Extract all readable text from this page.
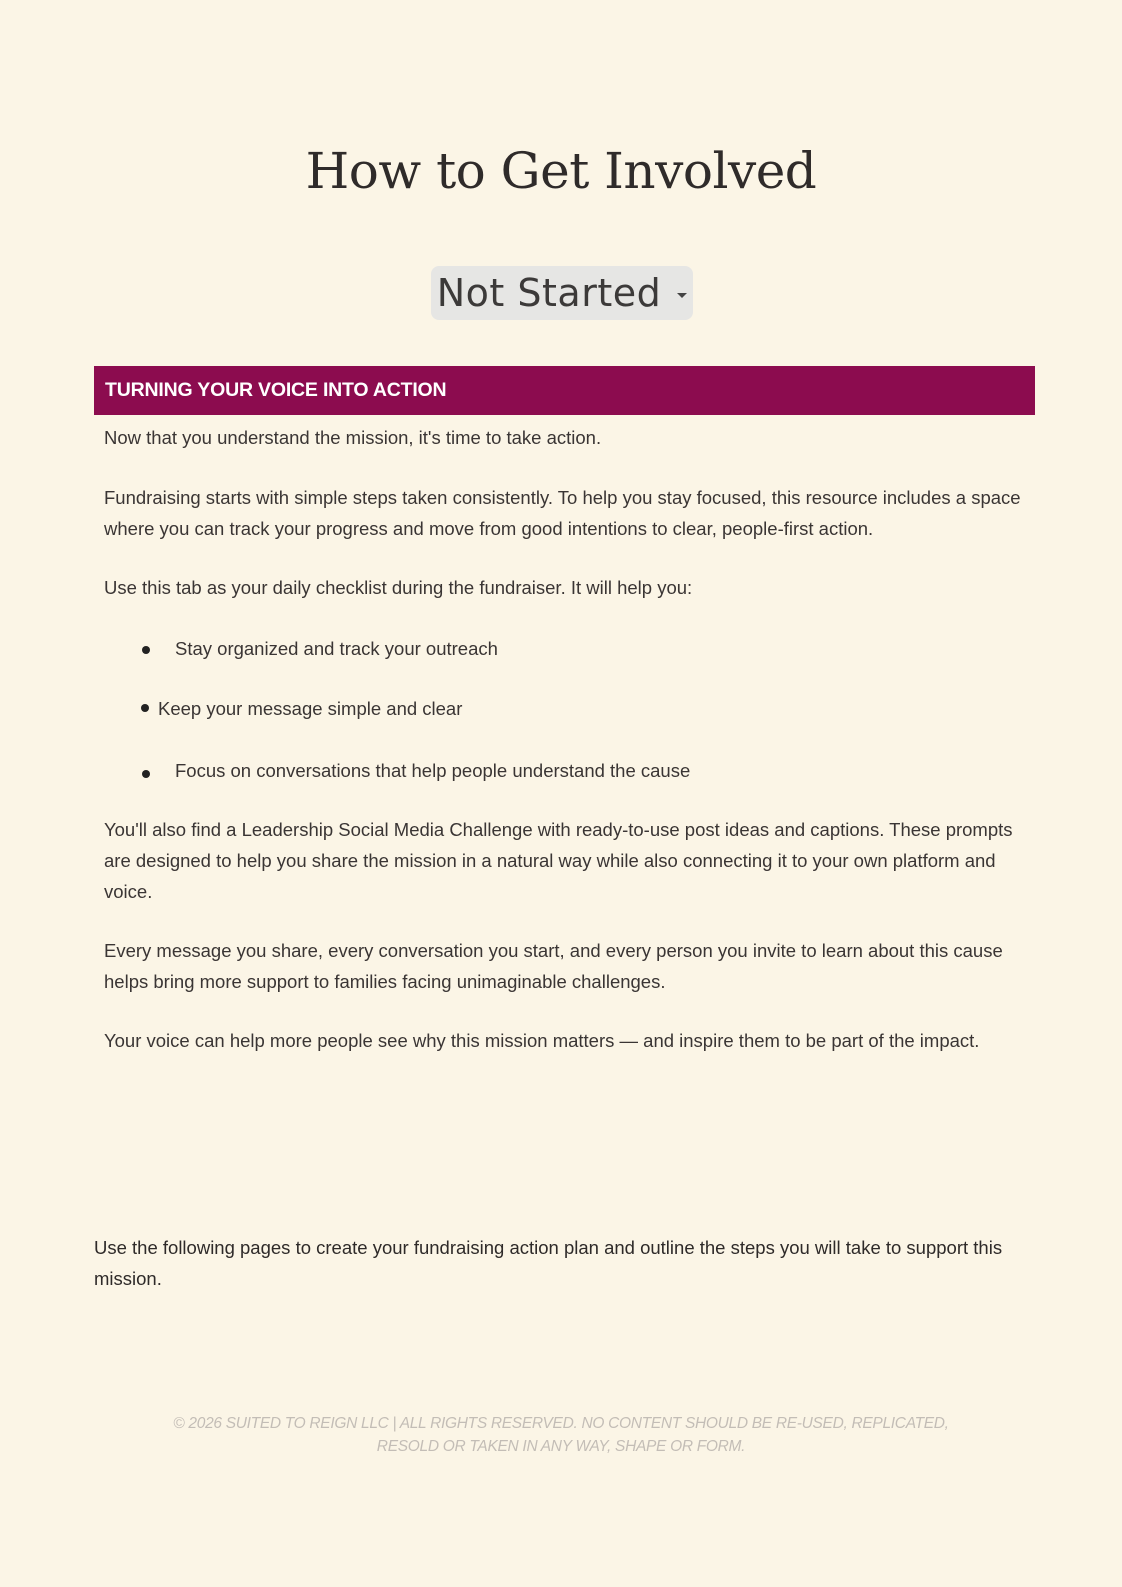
How to Get Involved
Not Started
TURNING YOUR VOICE INTO ACTION

Now that you understand the mission, it's time to take action.

Fundraising starts with simple steps taken consistently. To help you stay focused, this resource includes a space where you can track your progress and move from good intentions to clear, people-first action.

Use this tab as your daily checklist during the fundraiser. It will help you:

Stay organized and track your outreach
Keep your message simple and clear
Focus on conversations that help people understand the cause

You'll also find a Leadership Social Media Challenge with ready-to-use post ideas and captions. These prompts are designed to help you share the mission in a natural way while also connecting it to your own platform and voice.

Every message you share, every conversation you start, and every person you invite to learn about this cause helps bring more support to families facing unimaginable challenges.

Your voice can help more people see why this mission matters — and inspire them to be part of the impact.

Use the following pages to create your fundraising action plan and outline the steps you will take to support this mission.

© 2026 SUITED TO REIGN LLC | ALL RIGHTS RESERVED. NO CONTENT SHOULD BE RE-USED, REPLICATED,
RESOLD OR TAKEN IN ANY WAY, SHAPE OR FORM.
